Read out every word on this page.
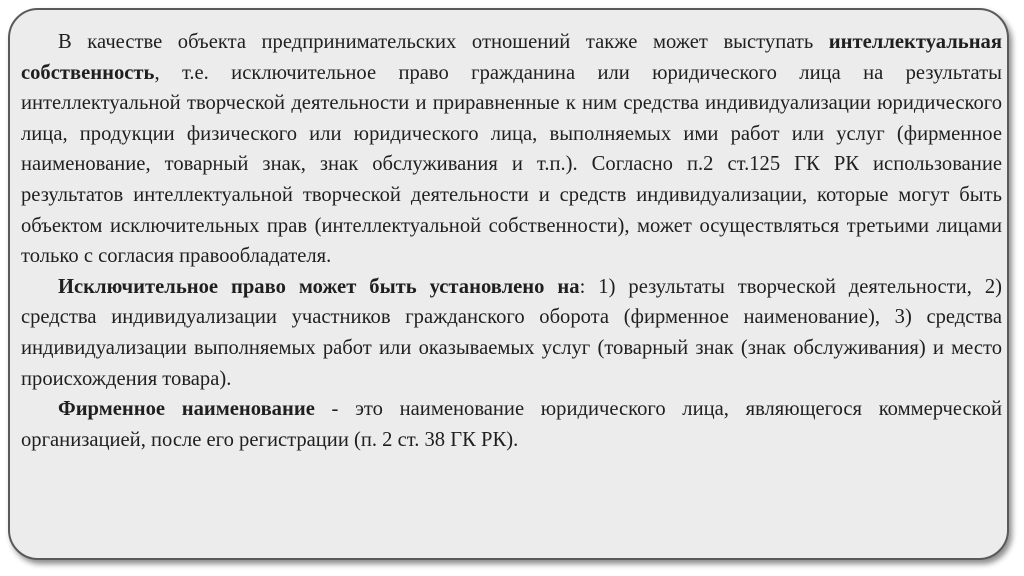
В качестве объекта предпринимательских отношений также может выступать интеллектуальная собственность, т.е. исключительное право гражданина или юридического лица на результаты интеллектуальной творческой деятельности и приравненные к ним средства индивидуализации юридического лица, продукции физического или юридического лица, выполняемых ими работ или услуг (фирменное наименование, товарный знак, знак обслуживания и т.п.). Согласно п.2 ст.125 ГК РК использование результатов интеллектуальной творческой деятельности и средств индивидуализации, которые могут быть объектом исключительных прав (интеллектуальной собственности), может осуществляться третьими лицами только с согласия правообладателя.

Исключительное право может быть установлено на: 1) результаты творческой деятельности, 2) средства индивидуализации участников гражданского оборота (фирменное наименование), 3) средства индивидуализации выполняемых работ или оказываемых услуг (товарный знак (знак обслуживания) и место происхождения товара).

Фирменное наименование - это наименование юридического лица, являющегося коммерческой организацией, после его регистрации (п. 2 ст. 38 ГК РК).
